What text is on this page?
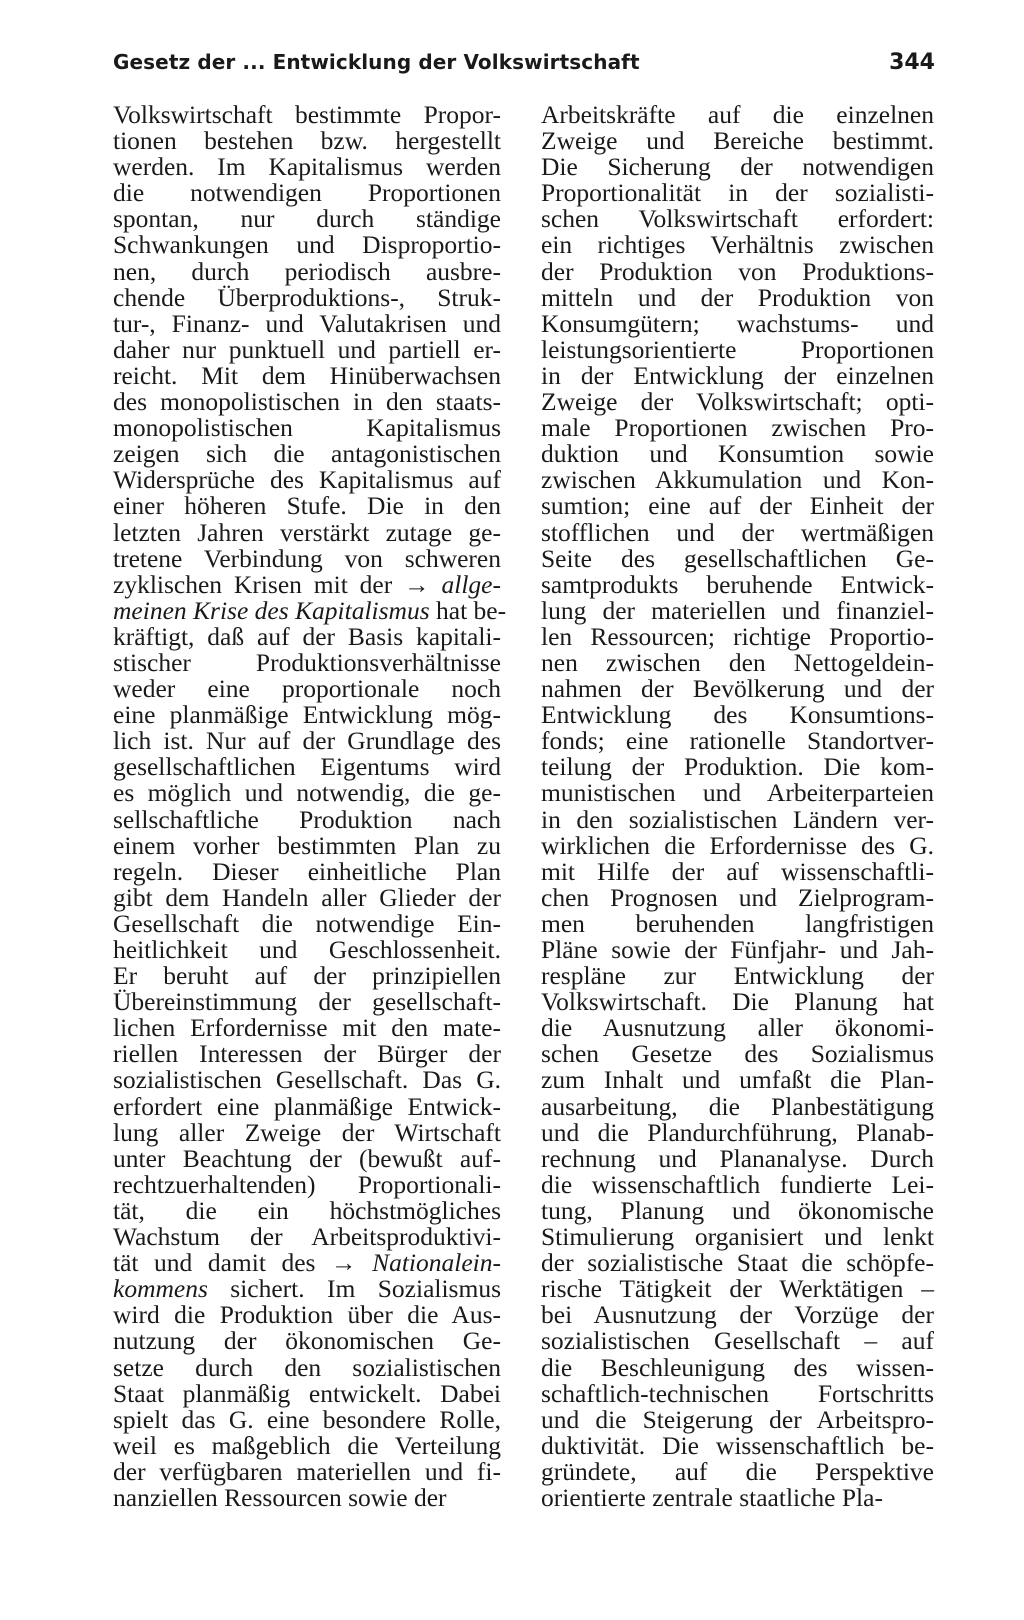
Gesetz der ... Entwicklung der Volkswirtschaft	344
Volkswirtschaft bestimmte Propor-
tionen bestehen bzw. hergestellt
werden. Im Kapitalismus werden
die notwendigen Proportionen
spontan, nur durch ständige
Schwankungen und Disproportio-
nen, durch periodisch ausbre-
chende Überproduktions-, Struk-
tur-, Finanz- und Valutakrisen und
daher nur punktuell und partiell er-
reicht. Mit dem Hinüberwachsen
des monopolistischen in den staats-
monopolistischen Kapitalismus
zeigen sich die antagonistischen
Widersprüche des Kapitalismus auf
einer höheren Stufe. Die in den
letzten Jahren verstärkt zutage ge-
tretene Verbindung von schweren
zyklischen Krisen mit der → allge-
meinen Krise des Kapitalismus hat be-
kräftigt, daß auf der Basis kapitali-
stischer Produktionsverhältnisse
weder eine proportionale noch
eine planmäßige Entwicklung mög-
lich ist. Nur auf der Grundlage des
gesellschaftlichen Eigentums wird
es möglich und notwendig, die ge-
sellschaftliche Produktion nach
einem vorher bestimmten Plan zu
regeln. Dieser einheitliche Plan
gibt dem Handeln aller Glieder der
Gesellschaft die notwendige Ein-
heitlichkeit und Geschlossenheit.
Er beruht auf der prinzipiellen
Übereinstimmung der gesellschaft-
lichen Erfordernisse mit den mate-
riellen Interessen der Bürger der
sozialistischen Gesellschaft. Das G.
erfordert eine planmäßige Entwick-
lung aller Zweige der Wirtschaft
unter Beachtung der (bewußt auf-
rechtzuerhaltenden) Proportionali-
tät, die ein höchstmögliches
Wachstum der Arbeitsproduktivi-
tät und damit des → Nationalein-
kommens sichert. Im Sozialismus
wird die Produktion über die Aus-
nutzung der ökonomischen Ge-
setze durch den sozialistischen
Staat planmäßig entwickelt. Dabei
spielt das G. eine besondere Rolle,
weil es maßgeblich die Verteilung
der verfügbaren materiellen und fi-
nanziellen Ressourcen sowie der
Arbeitskräfte auf die einzelnen
Zweige und Bereiche bestimmt.
Die Sicherung der notwendigen
Proportionalität in der sozialisti-
schen Volkswirtschaft erfordert:
ein richtiges Verhältnis zwischen
der Produktion von Produktions-
mitteln und der Produktion von
Konsumgütern; wachstums- und
leistungsorientierte Proportionen
in der Entwicklung der einzelnen
Zweige der Volkswirtschaft; opti-
male Proportionen zwischen Pro-
duktion und Konsumtion sowie
zwischen Akkumulation und Kon-
sumtion; eine auf der Einheit der
stofflichen und der wertmäßigen
Seite des gesellschaftlichen Ge-
samtprodukts beruhende Entwick-
lung der materiellen und finanziel-
len Ressourcen; richtige Proportio-
nen zwischen den Nettogeldein-
nahmen der Bevölkerung und der
Entwicklung des Konsumtions-
fonds; eine rationelle Standortver-
teilung der Produktion. Die kom-
munistischen und Arbeiterparteien
in den sozialistischen Ländern ver-
wirklichen die Erfordernisse des G.
mit Hilfe der auf wissenschaftli-
chen Prognosen und Zielprogram-
men beruhenden langfristigen
Pläne sowie der Fünfjahr- und Jah-
respläne zur Entwicklung der
Volkswirtschaft. Die Planung hat
die Ausnutzung aller ökonomi-
schen Gesetze des Sozialismus
zum Inhalt und umfaßt die Plan-
ausarbeitung, die Planbestätigung
und die Plandurchführung, Planab-
rechnung und Plananalyse. Durch
die wissenschaftlich fundierte Lei-
tung, Planung und ökonomische
Stimulierung organisiert und lenkt
der sozialistische Staat die schöpfe-
rische Tätigkeit der Werktätigen –
bei Ausnutzung der Vorzüge der
sozialistischen Gesellschaft – auf
die Beschleunigung des wissen-
schaftlich-technischen Fortschritts
und die Steigerung der Arbeitspro-
duktivität. Die wissenschaftlich be-
gründete, auf die Perspektive
orientierte zentrale staatliche Pla-
